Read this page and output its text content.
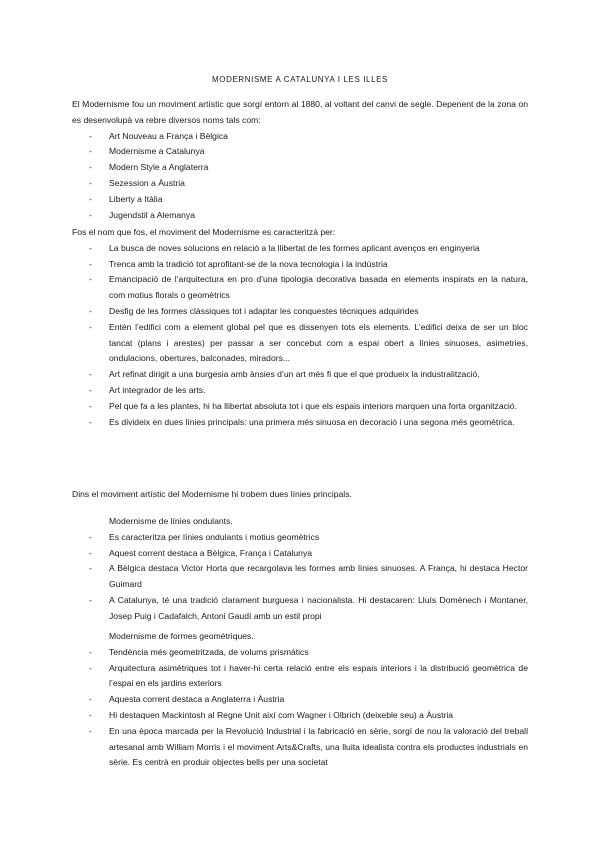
MODERNISME A CATALUNYA I LES ILLES

El Modernisme fou un moviment artístic que sorgí entorn al 1880, al voltant del canvi de segle. Depenent de la zona on es desenvolupà va rebre diversos noms tals com:

- Art Nouveau a França i Bèlgica
- Modernisme a Catalunya
- Modern Style a Anglaterra
- Sezession a Àustria
- Liberty a Itàlia
- Jugendstil a Alemanya

Fos el nom que fos, el moviment del Modernisme es caracteritzà per:

- La busca de noves solucions en relació a la llibertat de les formes aplicant avenços en enginyeria
- Trenca amb la tradició tot aprofitant-se de la nova tecnologia i la indústria
- Emancipació de l’arquitectura en pro d’una tipologia decorativa basada en elements inspirats en la natura, com motius florals o geomètrics
- Desfig de les formes clàssiques tot i adaptar les conquestes tècniques adquirides
- Entén l’edifici com a element global pel que es dissenyen tots els elements. L’edifici deixa de ser un bloc tancat (plans i arestes) per passar a ser concebut com a espai obert a línies sinuoses, asimetries, ondulacions, obertures, balconades, miradors...
- Art refinat dirigit a una burgesia amb ànsies d’un art més fi que el que produeix la industralització.
- Art integrador de les arts.
- Pel que fa a les plantes, hi ha llibertat absoluta tot i que els espais interiors marquen una forta organització.
- Es divideix en dues línies principals: una primera més sinuosa en decoració i una segona més geomètrica.

Dins el moviment artístic del Modernisme hi trobem dues línies principals.

Modernisme de línies ondulants.

- Es caracteritza per línies ondulants i motius geomètrics
- Aquest corrent destaca a Bèlgica, França i Catalunya
- A Bèlgica destaca Victor Horta que recargolava les formes amb línies sinuoses. A França, hi destaca Hector Guimard
- A Catalunya, té una tradició clarament burguesa i nacionalista. Hi destacaren: Lluís Domènech i Montaner, Josep Puig i Cadafalch, Antoni Gaudí amb un estil propi

Modernisme de formes geomètriques.

- Tendència més geometritzada, de volums prismàtics
- Arquitectura asimètriques tot i haver-hi certa relació entre els espais interiors i la distribució geomètrica de l’espai en els jardins exteriors
- Aquesta corrent destaca a Anglaterra i Àustria
- Hi destaquen Mackintosh al Regne Unit així com Wagner i Olbrich (deixeble seu) a Àustria
- En una època marcada per la Revolució Industrial i la fabricació en sèrie, sorgí de nou la valoració del treball artesanal amb William Morris i el moviment Arts&Crafts, una lluita idealista contra els productes industrials en sèrie. Es centrà en produir objectes bells per una societat
